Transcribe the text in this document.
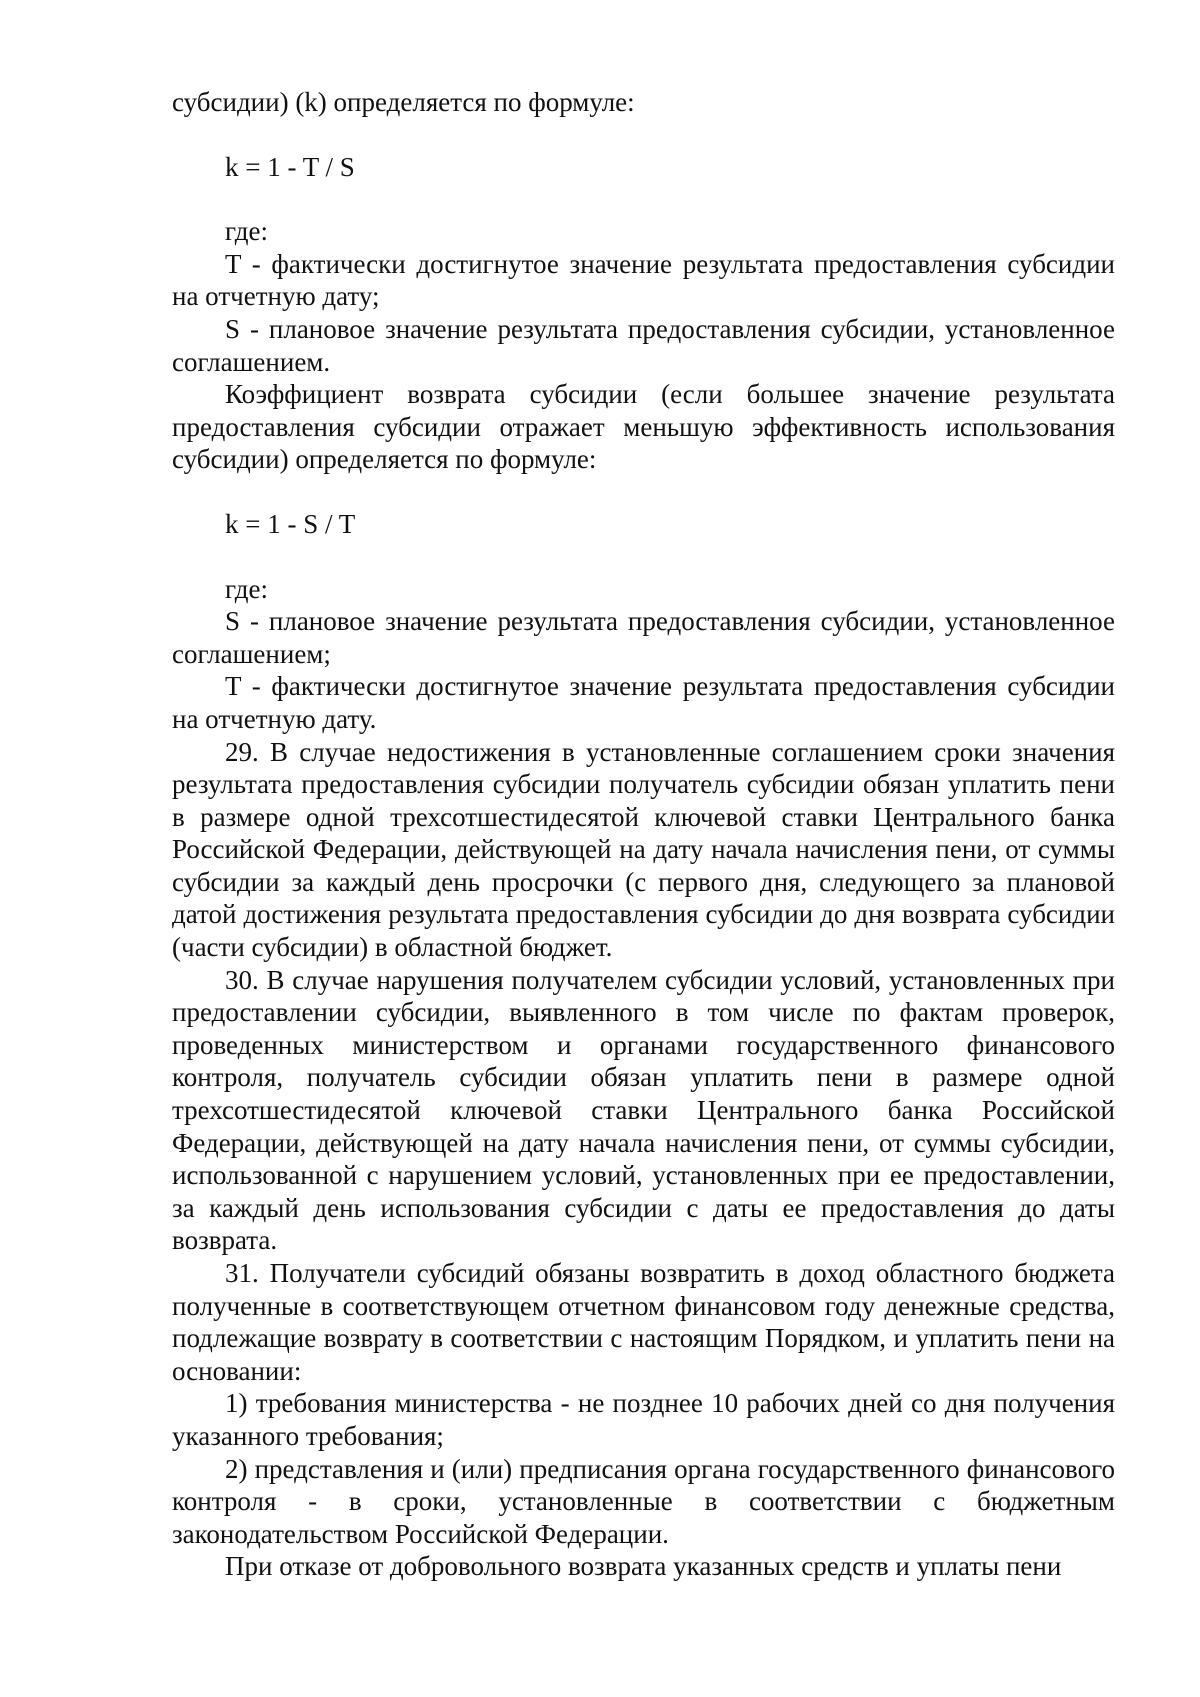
субсидии) (k) определяется по формуле:

k = 1 - T / S

где:

T - фактически достигнутое значение результата предоставления субсидии на отчетную дату;

S - плановое значение результата предоставления субсидии, установленное соглашением.

Коэффициент возврата субсидии (если большее значение результата предоставления субсидии отражает меньшую эффективность использования субсидии) определяется по формуле:

k = 1 - S / T

где:

S - плановое значение результата предоставления субсидии, установленное соглашением;

T - фактически достигнутое значение результата предоставления субсидии на отчетную дату.

29. В случае недостижения в установленные соглашением сроки значения результата предоставления субсидии получатель субсидии обязан уплатить пени в размере одной трехсотшестидесятой ключевой ставки Центрального банка Российской Федерации, действующей на дату начала начисления пени, от суммы субсидии за каждый день просрочки (с первого дня, следующего за плановой датой достижения результата предоставления субсидии до дня возврата субсидии (части субсидии) в областной бюджет.

30. В случае нарушения получателем субсидии условий, установленных при предоставлении субсидии, выявленного в том числе по фактам проверок, проведенных министерством и органами государственного финансового контроля, получатель субсидии обязан уплатить пени в размере одной трехсотшестидесятой ключевой ставки Центрального банка Российской Федерации, действующей на дату начала начисления пени, от суммы субсидии, использованной с нарушением условий, установленных при ее предоставлении, за каждый день использования субсидии с даты ее предоставления до даты возврата.

31. Получатели субсидий обязаны возвратить в доход областного бюджета полученные в соответствующем отчетном финансовом году денежные средства, подлежащие возврату в соответствии с настоящим Порядком, и уплатить пени на основании:

1) требования министерства - не позднее 10 рабочих дней со дня получения указанного требования;

2) представления и (или) предписания органа государственного финансового контроля - в сроки, установленные в соответствии с бюджетным законодательством Российской Федерации.

При отказе от добровольного возврата указанных средств и уплаты пени
